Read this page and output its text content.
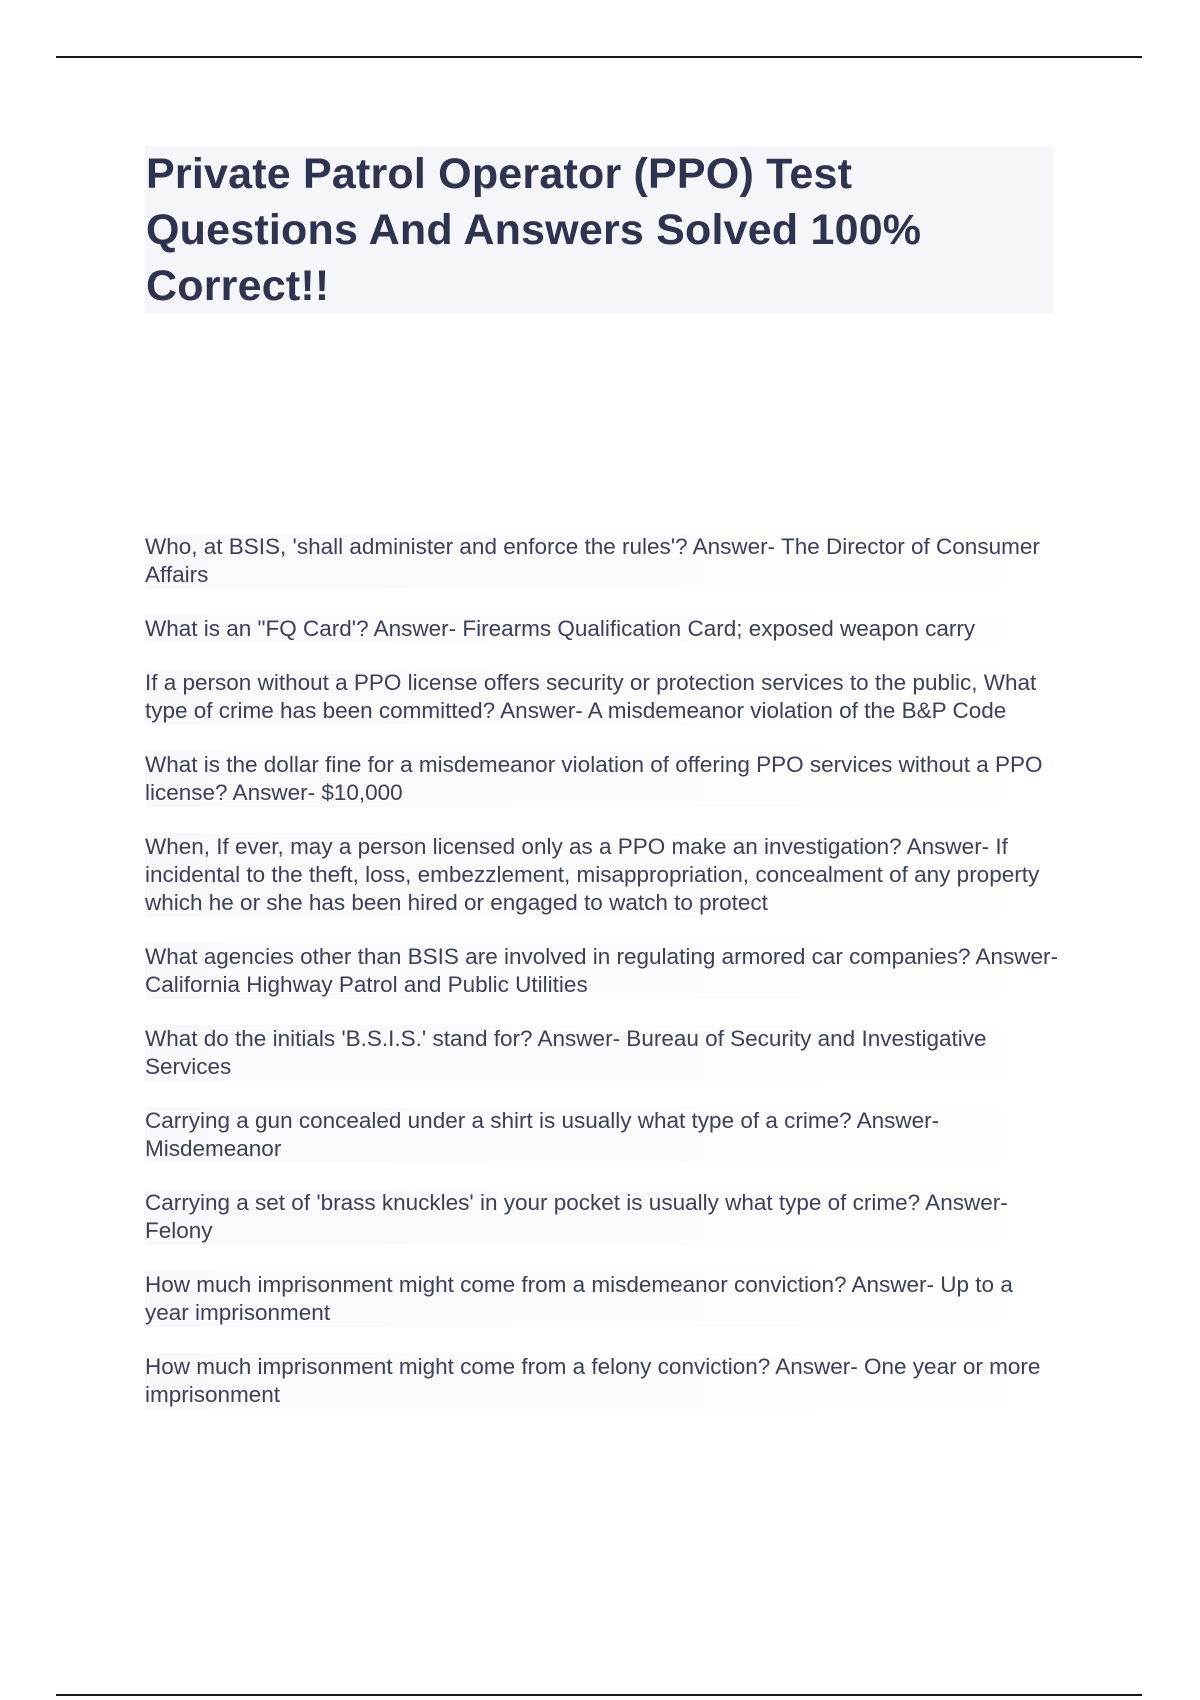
Private Patrol Operator (PPO) Test Questions And Answers Solved 100% Correct!!

Who, at BSIS, 'shall administer and enforce the rules'? Answer- The Director of Consumer Affairs

What is an "FQ Card'? Answer- Firearms Qualification Card; exposed weapon carry

If a person without a PPO license offers security or protection services to the public, What type of crime has been committed? Answer- A misdemeanor violation of the B&P Code

What is the dollar fine for a misdemeanor violation of offering PPO services without a PPO license? Answer- $10,000

When, If ever, may a person licensed only as a PPO make an investigation? Answer- If incidental to the theft, loss, embezzlement, misappropriation, concealment of any property which he or she has been hired or engaged to watch to protect

What agencies other than BSIS are involved in regulating armored car companies? Answer- California Highway Patrol and Public Utilities

What do the initials 'B.S.I.S.' stand for? Answer- Bureau of Security and Investigative Services

Carrying a gun concealed under a shirt is usually what type of a crime? Answer- Misdemeanor

Carrying a set of 'brass knuckles' in your pocket is usually what type of crime? Answer- Felony

How much imprisonment might come from a misdemeanor conviction? Answer- Up to a year imprisonment

How much imprisonment might come from a felony conviction? Answer- One year or more imprisonment
